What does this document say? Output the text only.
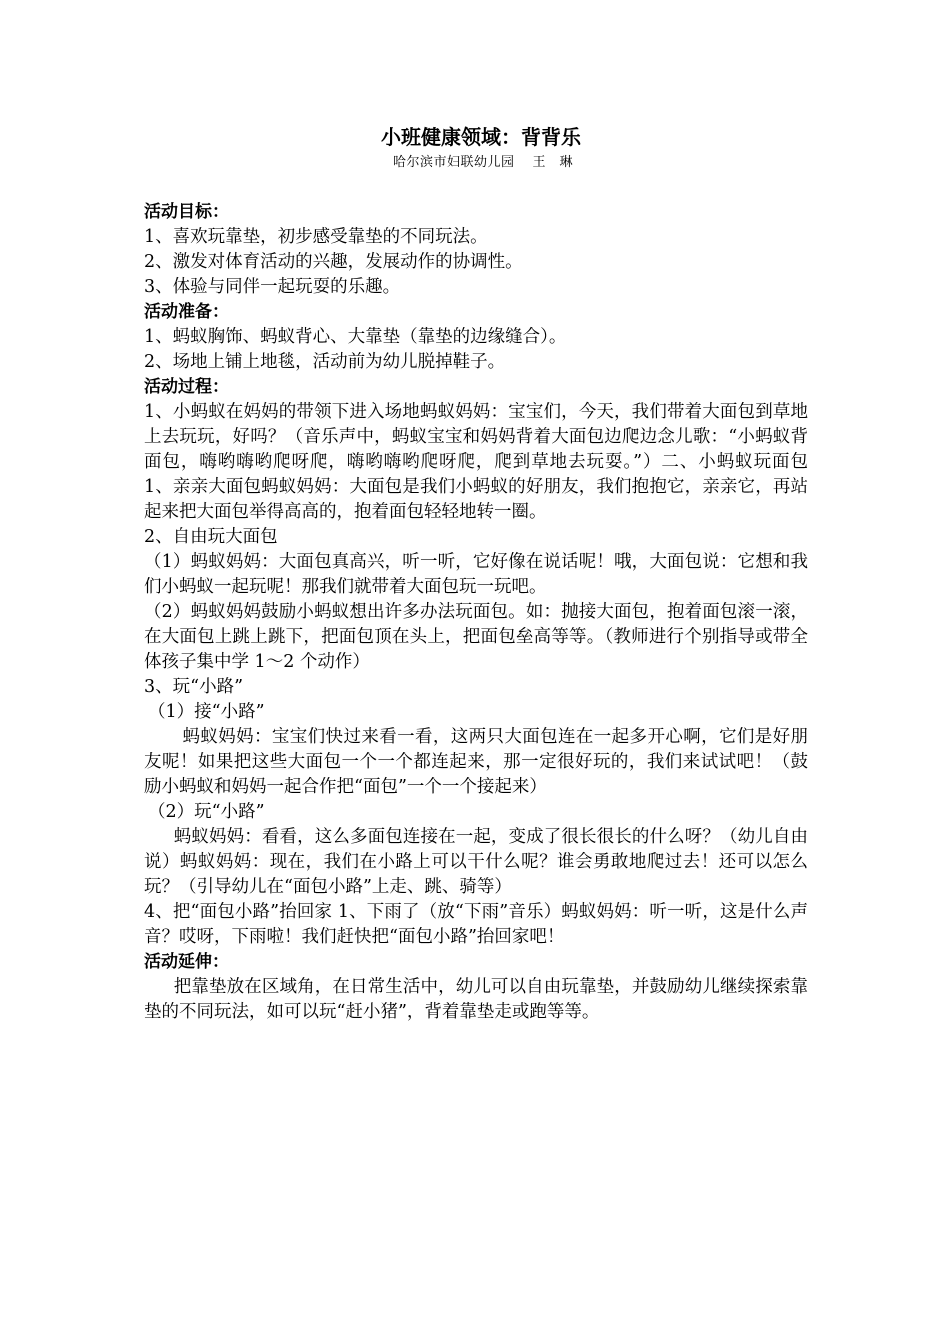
小班健康领域：背背乐

哈尔滨市妇联幼儿园 王　琳

活动目标：
1、喜欢玩靠垫，初步感受靠垫的不同玩法。
2、激发对体育活动的兴趣，发展动作的协调性。
3、体验与同伴一起玩耍的乐趣。
活动准备：
1、蚂蚁胸饰、蚂蚁背心、大靠垫（靠垫的边缘缝合）。
2、场地上铺上地毯，活动前为幼儿脱掉鞋子。
活动过程：
1、小蚂蚁在妈妈的带领下进入场地蚂蚁妈妈：宝宝们，今天，我们带着大面包到草地上去玩玩，好吗？（音乐声中，蚂蚁宝宝和妈妈背着大面包边爬边念儿歌：“小蚂蚁背面包，嗨哟嗨哟爬呀爬，嗨哟嗨哟爬呀爬，爬到草地去玩耍。”）二、小蚂蚁玩面包 1、亲亲大面包蚂蚁妈妈：大面包是我们小蚂蚁的好朋友，我们抱抱它，亲亲它，再站起来把大面包举得高高的，抱着面包轻轻地转一圈。
2、自由玩大面包
（1）蚂蚁妈妈：大面包真高兴，听一听，它好像在说话呢！哦，大面包说：它想和我们小蚂蚁一起玩呢！那我们就带着大面包玩一玩吧。
（2）蚂蚁妈妈鼓励小蚂蚁想出许多办法玩面包。如：抛接大面包，抱着面包滚一滚，在大面包上跳上跳下，把面包顶在头上，把面包垒高等等。（教师进行个别指导或带全体孩子集中学 1～2 个动作）
3、玩“小路”
（1）接“小路”
蚂蚁妈妈：宝宝们快过来看一看，这两只大面包连在一起多开心啊，它们是好朋友呢！如果把这些大面包一个一个都连起来，那一定很好玩的，我们来试试吧！（鼓励小蚂蚁和妈妈一起合作把“面包”一个一个接起来）
（2）玩“小路”
蚂蚁妈妈：看看，这么多面包连接在一起，变成了很长很长的什么呀？（幼儿自由说）蚂蚁妈妈：现在，我们在小路上可以干什么呢？谁会勇敢地爬过去！还可以怎么玩？（引导幼儿在“面包小路”上走、跳、骑等）
4、把“面包小路”抬回家 1、下雨了（放“下雨”音乐）蚂蚁妈妈：听一听，这是什么声音？哎呀，下雨啦！我们赶快把“面包小路”抬回家吧！
活动延伸：
把靠垫放在区域角，在日常生活中，幼儿可以自由玩靠垫，并鼓励幼儿继续探索靠垫的不同玩法，如可以玩“赶小猪”，背着靠垫走或跑等等。
